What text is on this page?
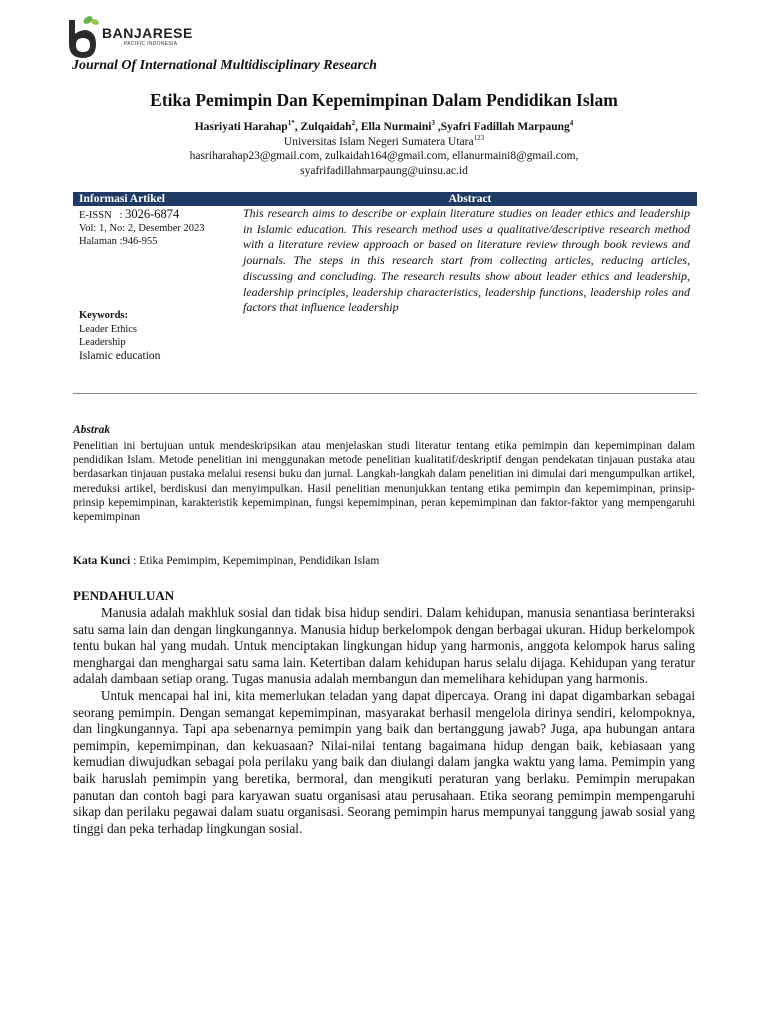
BANJARESE
PACIFIC INDONESIA
Journal Of International Multidisciplinary Research
Etika Pemimpin Dan Kepemimpinan Dalam Pendidikan Islam
Hasriyati Harahap$^{1*}$, Zulqaidah$^2$, Ella Nurmaini$^3$ ,Syafri Fadillah Marpaung$^4$
Universitas Islam Negeri Sumatera Utara$^{123}$
hasriharahap23@gmail.com, zulkaidah164@gmail.com, ellanurmaini8@gmail.com,
syafrifadillahmarpaung@uinsu.ac.id
Informasi Artikel	Abstract
E-ISSN   : 3026-6874
Vol: 1, No: 2, Desember 2023
Halaman :946-955
Keywords:
Leader Ethics
Leadership
Islamic education
This research aims to describe or explain literature studies on leader ethics and leadership in Islamic education. This research method uses a qualitative/descriptive research method with a literature review approach or based on literature review through book reviews and journals. The steps in this research start from collecting articles, reducing articles, discussing and concluding. The research results show about leader ethics and leadership, leadership principles, leadership characteristics, leadership functions, leadership roles and factors that influence leadership
Abstrak
Penelitian ini bertujuan untuk mendeskripsikan atau menjelaskan studi literatur tentang etika pemimpin dan kepemimpinan dalam pendidikan Islam. Metode penelitian ini menggunakan metode penelitian kualitatif/deskriptif dengan pendekatan tinjauan pustaka atau berdasarkan tinjauan pustaka melalui resensi buku dan jurnal. Langkah-langkah dalam penelitian ini dimulai dari mengumpulkan artikel, mereduksi artikel, berdiskusi dan menyimpulkan. Hasil penelitian menunjukkan tentang etika pemimpin dan kepemimpinan, prinsip-prinsip kepemimpinan, karakteristik kepemimpinan, fungsi kepemimpinan, peran kepemimpinan dan faktor-faktor yang mempengaruhi kepemimpinan
Kata Kunci : Etika Pemimpim, Kepemimpinan, Pendidikan Islam
PENDAHULUAN

Manusia adalah makhluk sosial dan tidak bisa hidup sendiri. Dalam kehidupan, manusia senantiasa berinteraksi satu sama lain dan dengan lingkungannya. Manusia hidup berkelompok dengan berbagai ukuran. Hidup berkelompok tentu bukan hal yang mudah. Untuk menciptakan lingkungan hidup yang harmonis, anggota kelompok harus saling menghargai dan menghargai satu sama lain. Ketertiban dalam kehidupan harus selalu dijaga. Kehidupan yang teratur adalah dambaan setiap orang. Tugas manusia adalah membangun dan memelihara kehidupan yang harmonis.

Untuk mencapai hal ini, kita memerlukan teladan yang dapat dipercaya. Orang ini dapat digambarkan sebagai seorang pemimpin. Dengan semangat kepemimpinan, masyarakat berhasil mengelola dirinya sendiri, kelompoknya, dan lingkungannya. Tapi apa sebenarnya pemimpin yang baik dan bertanggung jawab? Juga, apa hubungan antara pemimpin, kepemimpinan, dan kekuasaan? Nilai-nilai tentang bagaimana hidup dengan baik, kebiasaan yang kemudian diwujudkan sebagai pola perilaku yang baik dan diulangi dalam jangka waktu yang lama. Pemimpin yang baik haruslah pemimpin yang beretika, bermoral, dan mengikuti peraturan yang berlaku. Pemimpin merupakan panutan dan contoh bagi para karyawan suatu organisasi atau perusahaan. Etika seorang pemimpin mempengaruhi sikap dan perilaku pegawai dalam suatu organisasi. Seorang pemimpin harus mempunyai tanggung jawab sosial yang tinggi dan peka terhadap lingkungan sosial.
